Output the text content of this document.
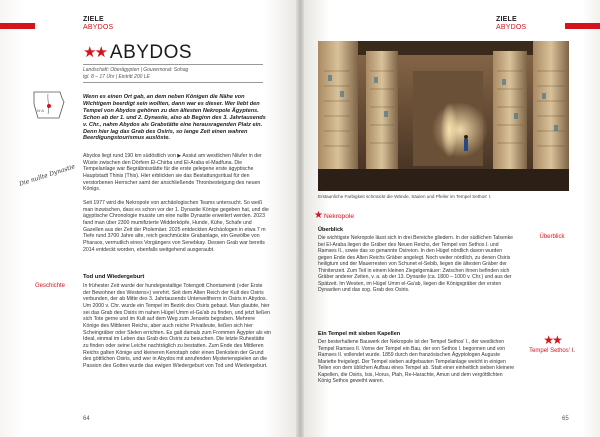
ZIELE
ABYDOS
★★ ABYDOS
N·A
Landschaft: Oberägypten | Gouvernorat: Sohag
tgl. 8 – 17 Uhr | Eintritt 200 LE
Wenn es einen Ort gab, an dem neben Königen die Nähe von Wichtigem beerdigt sein wollten, dann war es dieser. Wer liebt den Tempel von Abydos gehören zu den ältesten Nekropole Ägyptens. Schon ab der 1. und 2. Dynastie, also ab Beginn des 3. Jahrtausends v. Chr., nahm Abydos als Grabstätte eine herausragenden Platz ein. Denn hier lag das Grab des Osiris, so lange Zeit einen wahren Beerdigungstourismus auslöste.
Die nullte Dynastie

Abydos liegt rund 190 km südöstlich von ▶ Assiut am westlichen Nilufer in der Wüste zwischen den Dörfern El-Chirba und El-Araba el-Madfuna. Die Tempelanlage war Begräbnisstätte für die erste gelegene erste ägyptische Hauptstadt Thinis (This). Hier erblickten sie das Bestattungsritual für den verstorbenen Herrscher samt der anschließende Thronbesteigung des neuen Königs.

Seit 1977 wird die Nekropole von archäologischen Teams untersucht. So weiß man inzwischen, dass es schon vor der 1. Dynastie Könige gegeben hat, und die ägyptische Chronologie musste um eine nullte Dynastie erweitert werden. 2023 fand man über 2300 mumifizierte Widderköpfe, Hunde, Kühe, Schafe und Gazellen aus der Zeit der Ptolemäer. 2025 entdeckten Archäologen in etwa 7 m Tiefe rund 3700 Jahre alte, reich geschmückte Grabanlage, ein Gewölbe von Pharaos, vermutlich eines Vorgängers von Senebkay. Dessen Grab war bereits 2014 entdeckt worden, ebenfalls weitgehend ausgeraubt.

Tod und Wiedergeburt
Geschichte	In frühester Zeit wurde der hundegestaltige Totengott Chontamenti (»der Erste der Bewohner des Westens«) verehrt. Seit dem Alten Reich der Kult des Osiris verbunden, der ab Mitte des 3. Jahrtausends Unterweltherrn in Osiris in Abydos. Um 2000 v. Chr. wurde ein Tempel im Bezirk des Osiris gebaut. Man glaubte, hier sei das Grab des Osiris im nahen Hügel Umm el-Ga'ab zu finden, und jetzt ließen sich Tote gerne und im Kult auf dem Weg zum Jenseits begraben. Mehrere Könige des Mittleren Reichs, aber auch reiche Privatleute, ließen sich hier Scheingräber oder Stelen errichten. Es galt damals zum Frommen Ägypter als ein Ideal, einmal im Leben das Grab des Osiris zu besuchen. Die letzte Ruhestätte zu finden oder seine Leiche nachträglich zu bestatten. Zum Ende des Mittleren Reichs galten Könige und kleineren Kenotaph oder einen Denkstein der Grund des göttlichen Osiris, und wer in Abydos mit anrufenden Mysterienspielen an die Passion des Gottes wurde das ewigen Wiedergeburt von Tod und Wiedergeburt.

64
ZIELE
ABYDOS
Erstaunliche Farbigkeit schmückt die Wände, Säulen und Pfeiler im Tempel Sethos' I.
★ Nekropole
Überblick
Überblick

Die wichtigste Nekropole lässt sich in drei Bereiche gliedern. In der südlichen Talsenke bei El-Araba liegen die Gräber des Neuen Reichs, der Tempel von Sethos I. und Ramses II., sowie das so genannte Osireion. In den Hügel nördlich davon wurden gegen Ende des Alten Reichs Gräber angelegt. Noch weiter nördlich, zu denen Osiris heiligtum und der Mauerresten von Schunet el-Sebib, liegen die ältesten Gräber der Thinitenzeit. Zum Teil in einem kleinen Ziegelgemäuer: Zwischen ihnen befinden sich Gräber anderer Zeiten, v. a. ab der 13. Dynastie (ca. 1800 – 1000 v. Chr.) und aus der Spätzeit. Im Westen, im Hügel Umm el-Ga'ab, liegen die Königsgräber der ersten Dynastien und das sog. Grab des Osiris.

Ein Tempel mit sieben Kapellen	★★
Tempel Sethos' I.

Der besterhaltene Bauwerk der Nekropole ist der Tempel Sethos' I., der westlichen Tempel Ramses II. Vorne der Tempel ein Bau, der von Sethos I. begonnen und von Ramses II. vollendet wurde. 1859 durch den französischen Ägyptologen Auguste Mariette freigelegt. Der Tempel sieben aufgebauten Tempelanlage weicht in einigen Teilen von dem üblichen Aufbau eines Tempel ab. Statt einer einheitlich sieben kleinere Kapellen, die Osiris, Isis, Horus, Ptah, Re-Harachte, Amun und dem vergöttlichten König Sethos geweiht waren.

65
